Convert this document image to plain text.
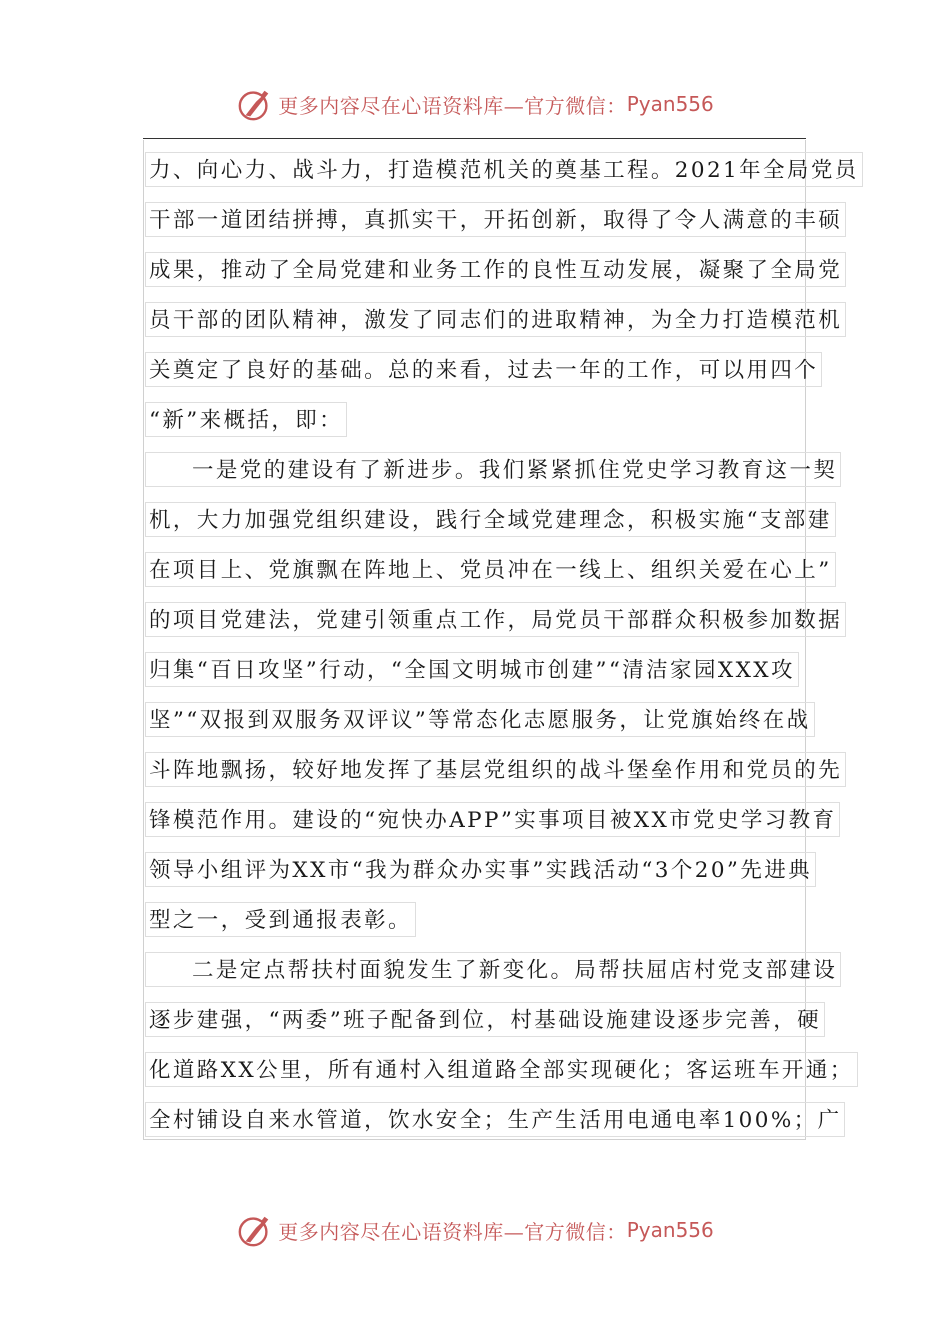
更多内容尽在心语资料库—官方微信： Pyan556
力、向心力、战斗力，打造模范机关的奠基工程。2021年全局党员
干部一道团结拼搏，真抓实干，开拓创新，取得了令人满意的丰硕
成果，推动了全局党建和业务工作的良性互动发展，凝聚了全局党
员干部的团队精神，激发了同志们的进取精神，为全力打造模范机
关奠定了良好的基础。总的来看，过去一年的工作，可以用四个
“新”来概括，即：
一是党的建设有了新进步。我们紧紧抓住党史学习教育这一契
机，大力加强党组织建设，践行全域党建理念，积极实施“支部建
在项目上、党旗飘在阵地上、党员冲在一线上、组织关爱在心上”
的项目党建法，党建引领重点工作，局党员干部群众积极参加数据
归集“百日攻坚”行动，“全国文明城市创建”“清洁家园XXX攻
坚”“双报到双服务双评议”等常态化志愿服务，让党旗始终在战
斗阵地飘扬，较好地发挥了基层党组织的战斗堡垒作用和党员的先
锋模范作用。建设的“宛快办APP”实事项目被XX市党史学习教育
领导小组评为XX市“我为群众办实事”实践活动“3个20”先进典
型之一，受到通报表彰。
二是定点帮扶村面貌发生了新变化。局帮扶屈店村党支部建设
逐步建强，“两委”班子配备到位，村基础设施建设逐步完善，硬
化道路XX公里，所有通村入组道路全部实现硬化；客运班车开通；
全村铺设自来水管道，饮水安全；生产生活用电通电率100%；广
更多内容尽在心语资料库—官方微信： Pyan556
